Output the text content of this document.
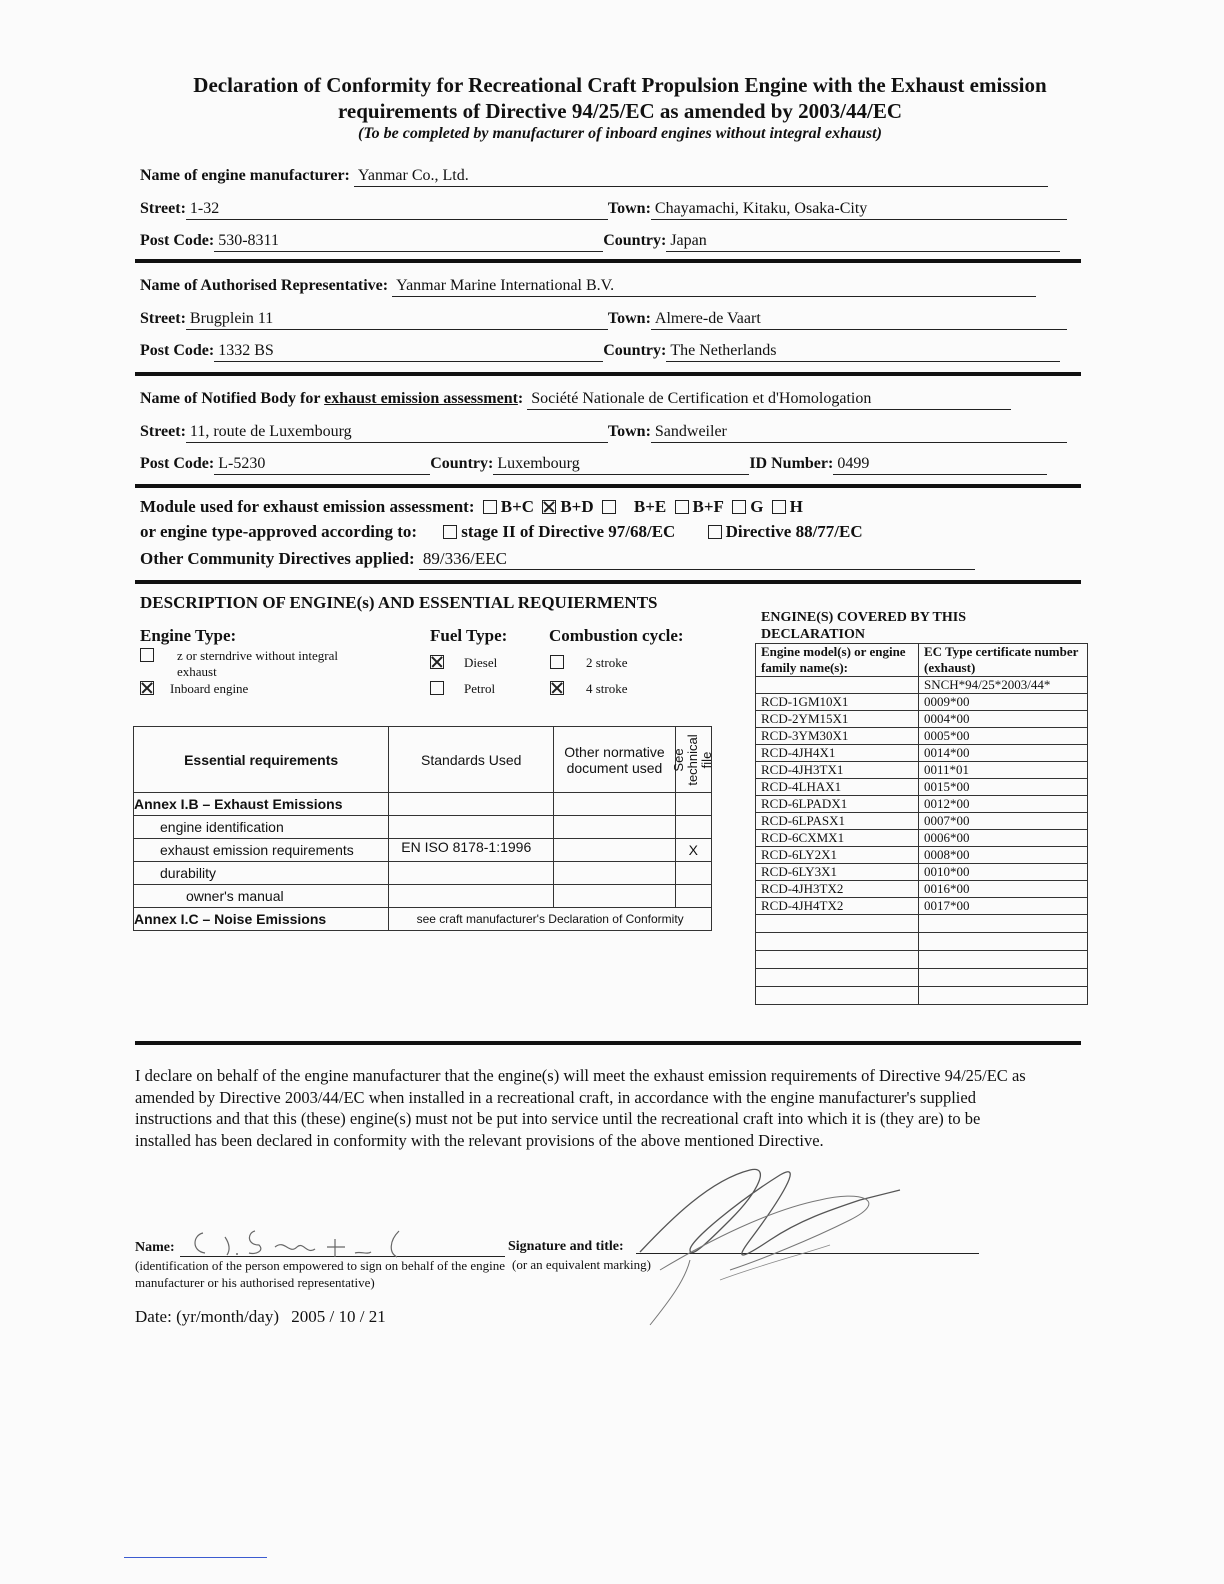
Declaration of Conformity for Recreational Craft Propulsion Engine with the Exhaust emission
requirements of Directive 94/25/EC as amended by 2003/44/EC
(To be completed by manufacturer of inboard engines without integral exhaust)
Name of engine manufacturer: Yanmar Co., Ltd.
Street: 1-32	Town: Chayamachi, Kitaku, Osaka-City
Post Code: 530-8311	Country: Japan
Name of Authorised Representative: Yanmar Marine International B.V.
Street: Brugplein 11	Town: Almere-de Vaart
Post Code: 1332 BS	Country: The Netherlands
Name of Notified Body for exhaust emission assessment: Société Nationale de Certification et d'Homologation
Street: 11, route de Luxembourg	Town: Sandweiler
Post Code: L-5230	Country: Luxembourg	ID Number: 0499
Module used for exhaust emission assessment: B+C B+D B+E B+F G H
or engine type-approved according to:	stage II of Directive 97/68/EC	Directive 88/77/EC
Other Community Directives applied: 89/336/EEC
DESCRIPTION OF ENGINE(s) AND ESSENTIAL REQUIERMENTS
Engine Type:
z or sterndrive without integral exhaust
Inboard engine
Fuel Type:
Diesel
Petrol
Combustion cycle:
2 stroke
4 stroke
Essential requirements	Standards Used	Other normative document used	See technical file

Annex I.B – Exhaust Emissions			
engine identification			
exhaust emission requirements	EN ISO 8178-1:1996		X
durability			
owner's manual			
Annex I.C – Noise Emissions	see craft manufacturer's Declaration of Conformity		
ENGINE(S) COVERED BY THIS DECLARATION
Engine model(s) or engine family name(s):	EC Type certificate number (exhaust)
	SNCH*94/25*2003/44*
RCD-1GM10X1	0009*00
RCD-2YM15X1	0004*00
RCD-3YM30X1	0005*00
RCD-4JH4X1	0014*00
RCD-4JH3TX1	0011*01
RCD-4LHAX1	0015*00
RCD-6LPADX1	0012*00
RCD-6LPASX1	0007*00
RCD-6CXMX1	0006*00
RCD-6LY2X1	0008*00
RCD-6LY3X1	0010*00
RCD-4JH3TX2	0016*00
RCD-4JH4TX2	0017*00

I declare on behalf of the engine manufacturer that the engine(s) will meet the exhaust emission requirements of Directive 94/25/EC as amended by Directive 2003/44/EC when installed in a recreational craft, in accordance with the engine manufacturer's supplied instructions and that this (these) engine(s) must not be put into service until the recreational craft into which it is (they are) to be installed has been declared in conformity with the relevant provisions of the above mentioned Directive.
Name:
(identification of the person empowered to sign on behalf of the engine manufacturer or his authorised representative)
Signature and title:
(or an equivalent marking)
Date: (yr/month/day) 2005 / 10 / 21
